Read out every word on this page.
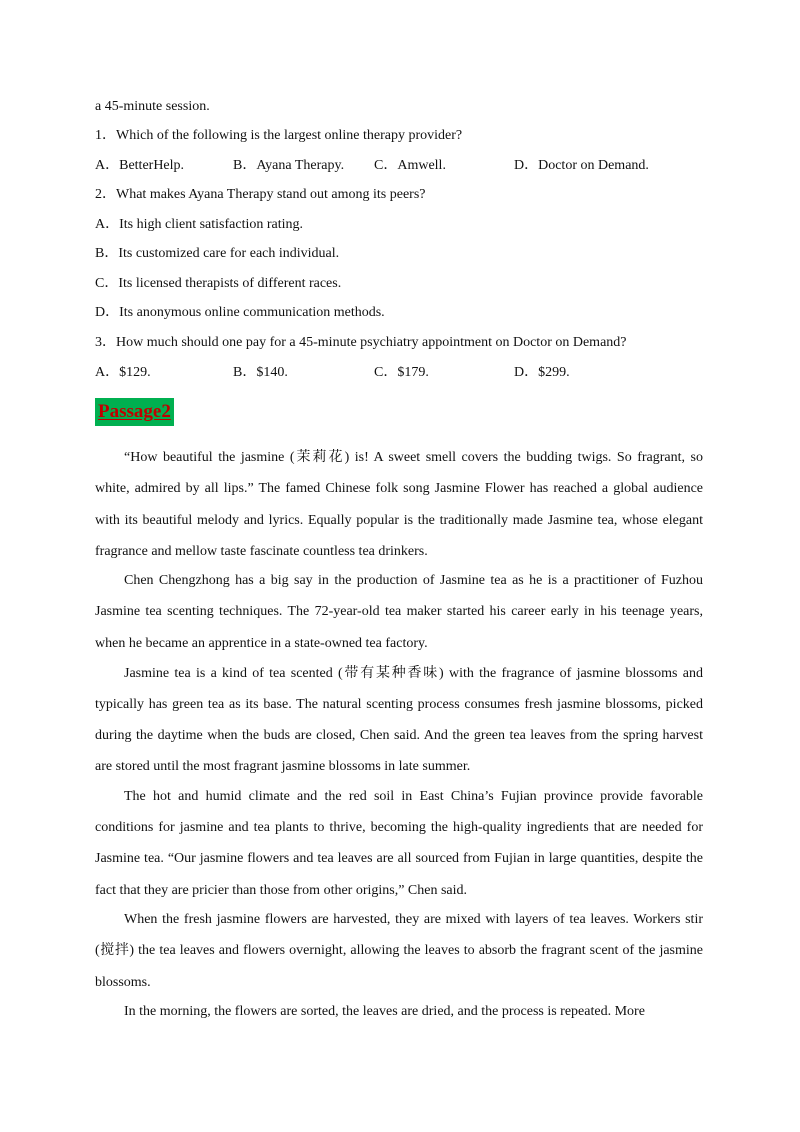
a 45-minute session.
1．Which of the following is the largest online therapy provider?
A．BetterHelp.	B．Ayana Therapy. C．Amwell.	D．Doctor on Demand.
2．What makes Ayana Therapy stand out among its peers?
A．Its high client satisfaction rating.
B．Its customized care for each individual.
C．Its licensed therapists of different races.
D．Its anonymous online communication methods.
3．How much should one pay for a 45-minute psychiatry appointment on Doctor on Demand?
A．$129.	B．$140.	C．$179.	D．$299.
Passage2
“How beautiful the jasmine (茉莉花) is! A sweet smell covers the budding twigs. So fragrant, so
white, admired by all lips.” The famed Chinese folk song Jasmine Flower has reached a global audience
with its beautiful melody and lyrics. Equally popular is the traditionally made Jasmine tea, whose elegant
fragrance and mellow taste fascinate countless tea drinkers.
Chen Chengzhong has a big say in the production of Jasmine tea as he is a practitioner of Fuzhou
Jasmine tea scenting techniques. The 72-year-old tea maker started his career early in his teenage years,
when he became an apprentice in a state-owned tea factory.
Jasmine tea is a kind of tea scented (带有某种香味) with the fragrance of jasmine blossoms and
typically has green tea as its base. The natural scenting process consumes fresh jasmine blossoms, picked
during the daytime when the buds are closed, Chen said. And the green tea leaves from the spring harvest
are stored until the most fragrant jasmine blossoms in late summer.
The hot and humid climate and the red soil in East China’s Fujian province provide favorable
conditions for jasmine and tea plants to thrive, becoming the high-quality ingredients that are needed for
Jasmine tea. “Our jasmine flowers and tea leaves are all sourced from Fujian in large quantities, despite the
fact that they are pricier than those from other origins,” Chen said.
When the fresh jasmine flowers are harvested, they are mixed with layers of tea leaves. Workers stir
(搅拌) the tea leaves and flowers overnight, allowing the leaves to absorb the fragrant scent of the jasmine
blossoms.
In the morning, the flowers are sorted, the leaves are dried, and the process is repeated. More
